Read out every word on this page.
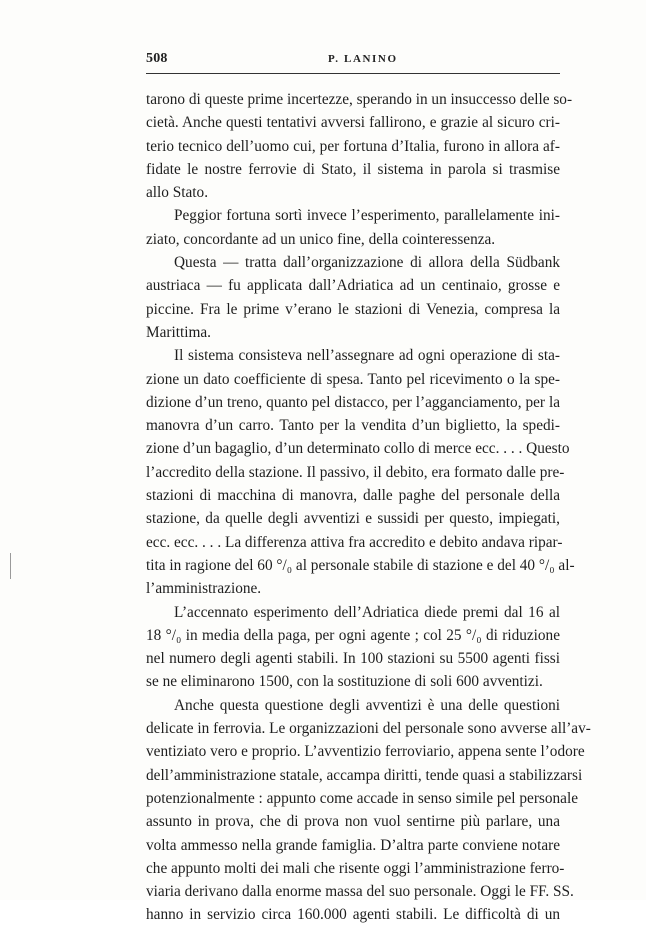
508	P. LANINO
tarono di queste prime incertezze, sperando in un insuccesso delle so-
cietà. Anche questi tentativi avversi fallirono, e grazie al sicuro cri-
terio tecnico dell’uomo cui, per fortuna d’Italia, furono in allora af-
fidate le nostre ferrovie di Stato, il sistema in parola si trasmise
allo Stato.
Peggior fortuna sortì invece l’esperimento, parallelamente ini-
ziato, concordante ad un unico fine, della cointeressenza.
Questa — tratta dall’organizzazione di allora della Südbank
austriaca — fu applicata dall’Adriatica ad un centinaio, grosse e
piccine. Fra le prime v’erano le stazioni di Venezia, compresa la
Marittima.
Il sistema consisteva nell’assegnare ad ogni operazione di sta-
zione un dato coefficiente di spesa. Tanto pel ricevimento o la spe-
dizione d’un treno, quanto pel distacco, per l’agganciamento, per la
manovra d’un carro. Tanto per la vendita d’un biglietto, la spedi-
zione d’un bagaglio, d’un determinato collo di merce ecc. . . . Questo
l’accredito della stazione. Il passivo, il debito, era formato dalle pre-
stazioni di macchina di manovra, dalle paghe del personale della
stazione, da quelle degli avventizi e sussidi per questo, impiegati,
ecc. ecc. . . . La differenza attiva fra accredito e debito andava ripar-
tita in ragione del 60 °/₀ al personale stabile di stazione e del 40 °/₀ al-
l’amministrazione.
L’accennato esperimento dell’Adriatica diede premi dal 16 al
18 °/₀ in media della paga, per ogni agente ; col 25 °/₀ di riduzione
nel numero degli agenti stabili. In 100 stazioni su 5500 agenti fissi
se ne eliminarono 1500, con la sostituzione di soli 600 avventizi.
Anche questa questione degli avventizi è una delle questioni
delicate in ferrovia. Le organizzazioni del personale sono avverse all’av-
ventiziato vero e proprio. L’avventizio ferroviario, appena sente l’odore
dell’amministrazione statale, accampa diritti, tende quasi a stabilizzarsi
potenzionalmente : appunto come accade in senso simile pel personale
assunto in prova, che di prova non vuol sentirne più parlare, una
volta ammesso nella grande famiglia. D’altra parte conviene notare
che appunto molti dei mali che risente oggi l’amministrazione ferro-
viaria derivano dalla enorme massa del suo personale. Oggi le FF. SS.
hanno in servizio circa 160.000 agenti stabili. Le difficoltà di un
